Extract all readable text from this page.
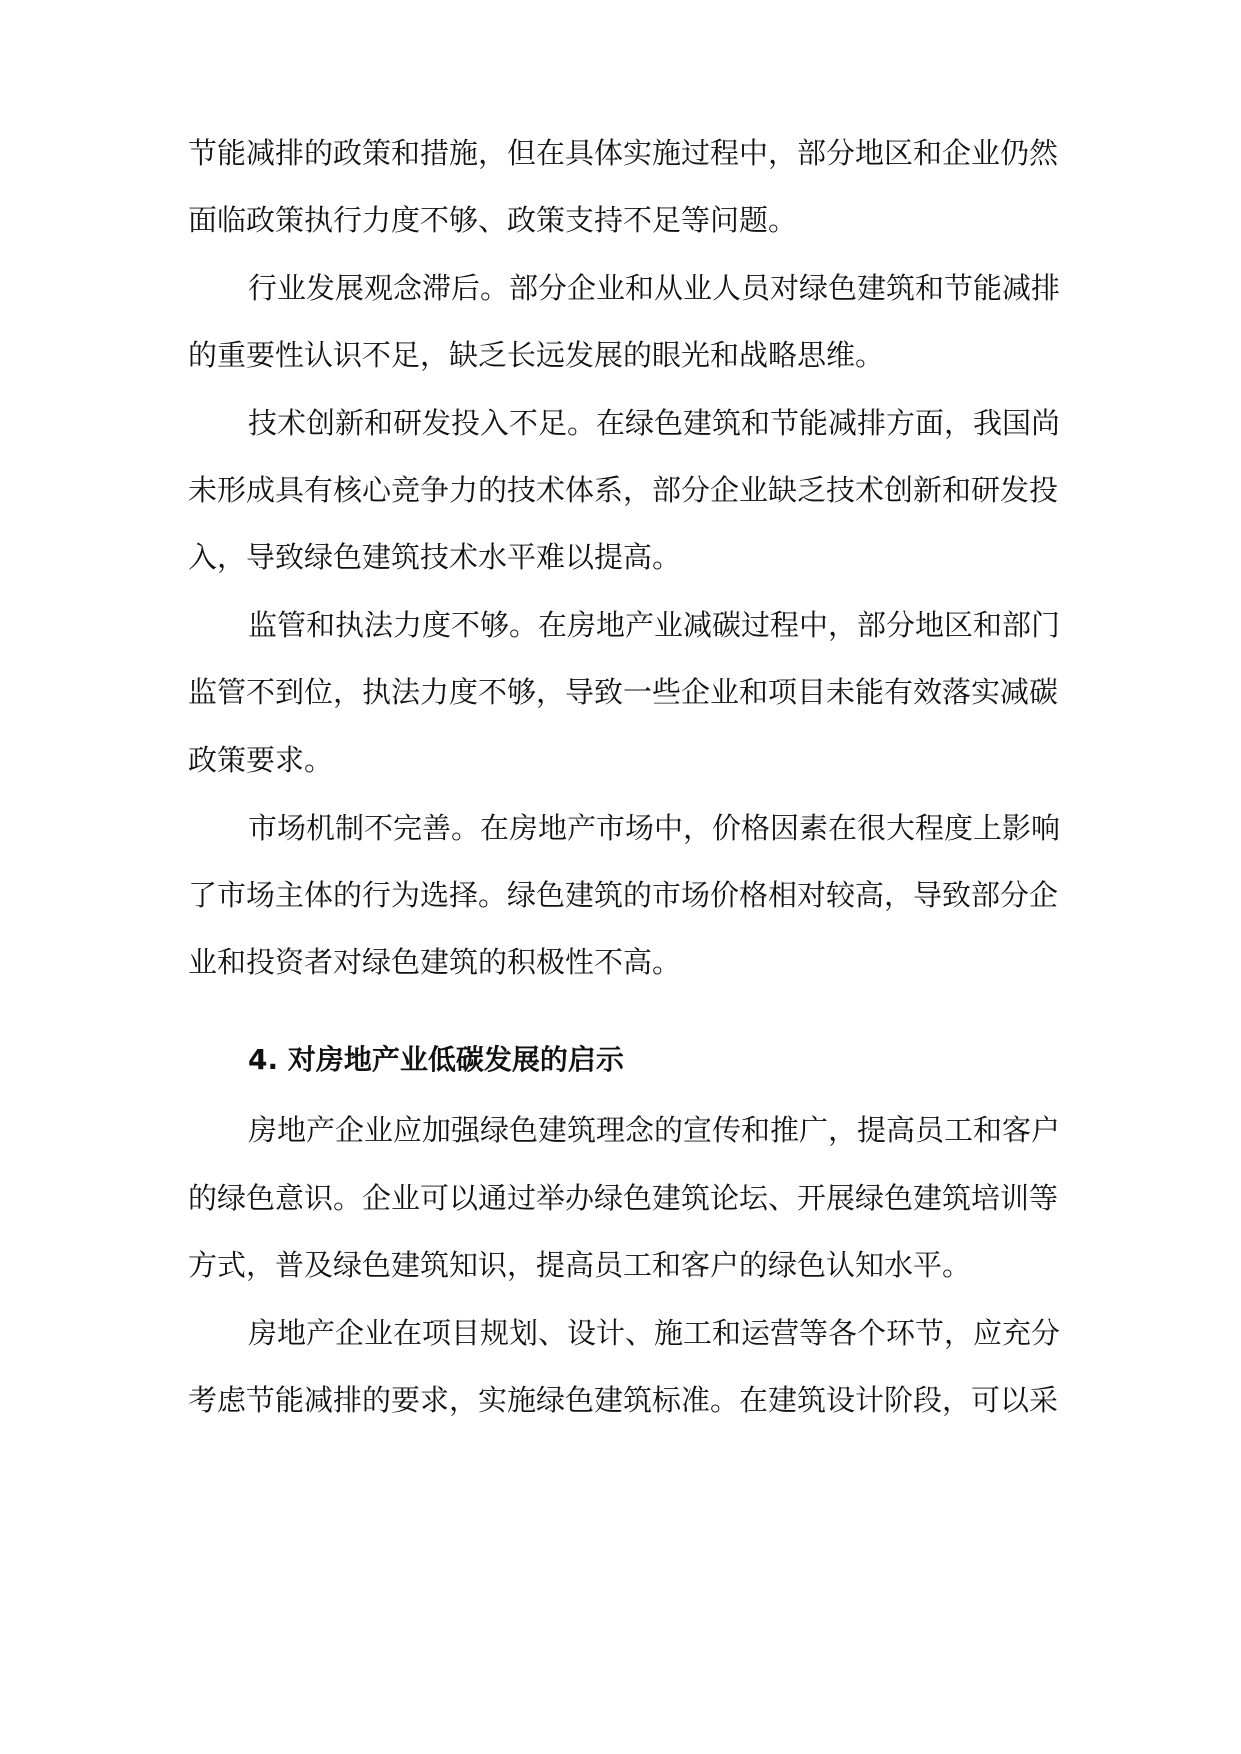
节能减排的政策和措施，但在具体实施过程中，部分地区和企业仍然
面临政策执行力度不够、政策支持不足等问题。
行业发展观念滞后。部分企业和从业人员对绿色建筑和节能减排
的重要性认识不足，缺乏长远发展的眼光和战略思维。
技术创新和研发投入不足。在绿色建筑和节能减排方面，我国尚
未形成具有核心竞争力的技术体系，部分企业缺乏技术创新和研发投
入，导致绿色建筑技术水平难以提高。
监管和执法力度不够。在房地产业减碳过程中，部分地区和部门
监管不到位，执法力度不够，导致一些企业和项目未能有效落实减碳
政策要求。
市场机制不完善。在房地产市场中，价格因素在很大程度上影响
了市场主体的行为选择。绿色建筑的市场价格相对较高，导致部分企
业和投资者对绿色建筑的积极性不高。
4. 对房地产业低碳发展的启示
房地产企业应加强绿色建筑理念的宣传和推广，提高员工和客户
的绿色意识。企业可以通过举办绿色建筑论坛、开展绿色建筑培训等
方式，普及绿色建筑知识，提高员工和客户的绿色认知水平。
房地产企业在项目规划、设计、施工和运营等各个环节，应充分
考虑节能减排的要求，实施绿色建筑标准。在建筑设计阶段，可以采
